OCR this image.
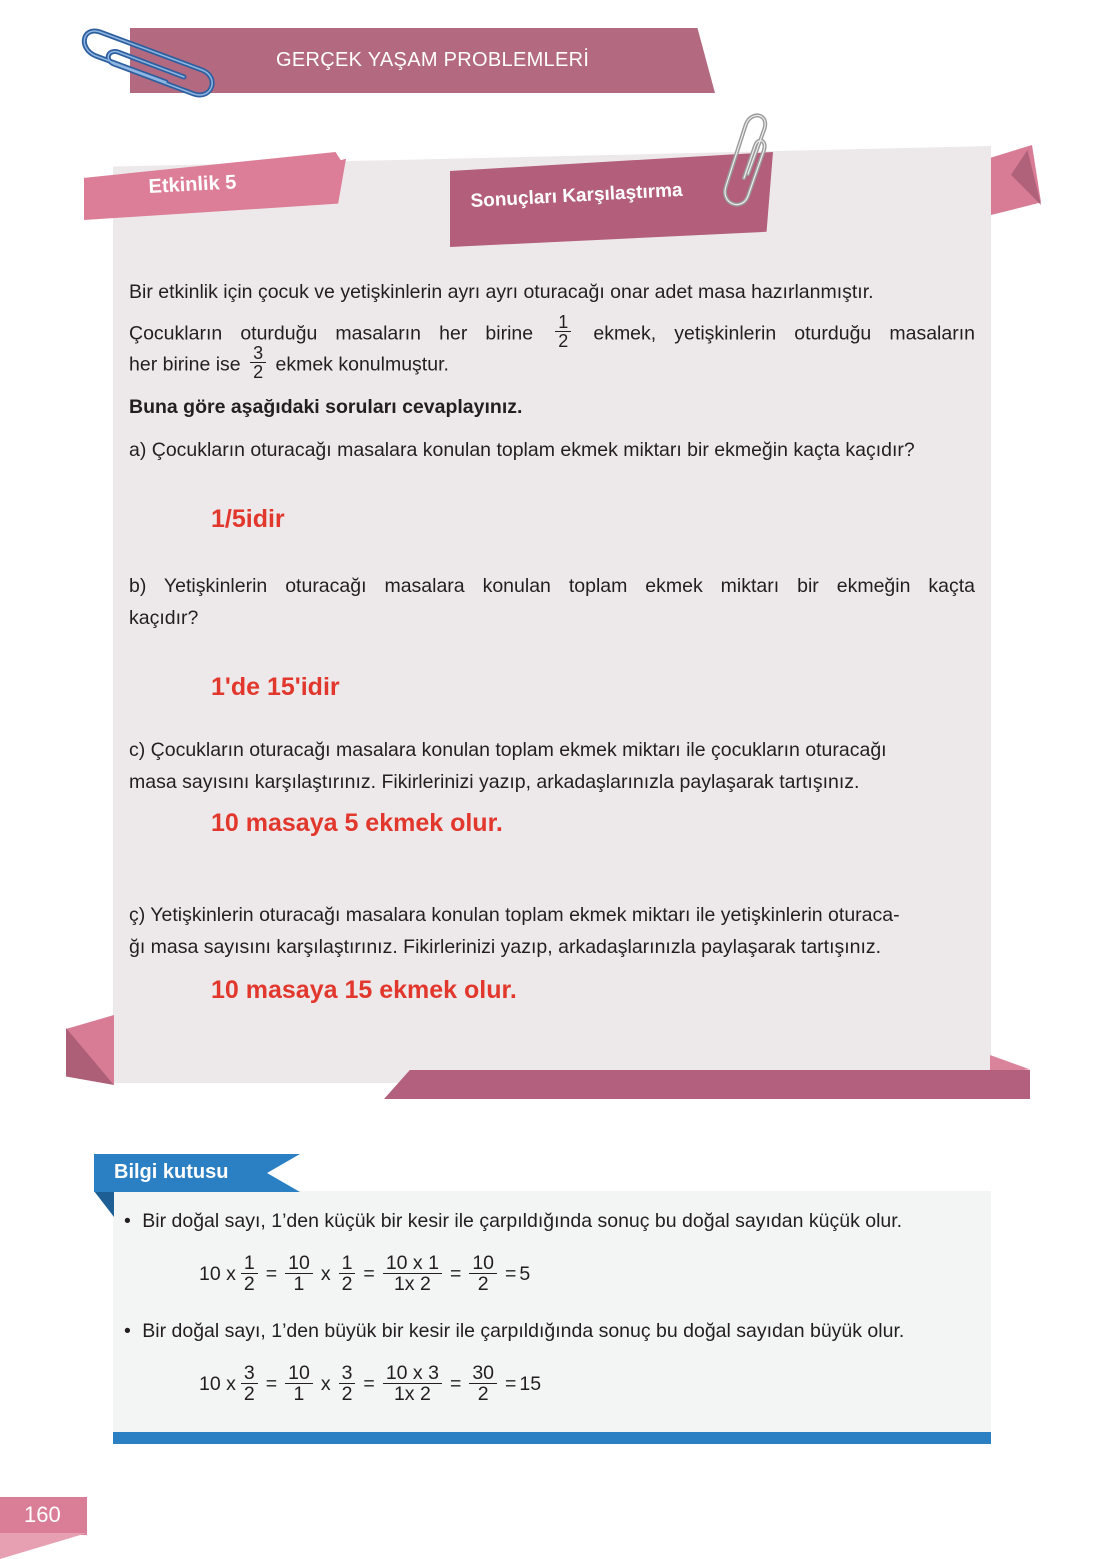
GERÇEK YAŞAM PROBLEMLERİ
Etkinlik 5	Sonuçları Karşılaştırma
Bir etkinlik için çocuk ve yetişkinlerin ayrı ayrı oturacağı onar adet masa hazırlanmıştır.
Çocukların oturduğu masaların her birine $\frac{1}{2}$ ekmek, yetişkinlerin oturduğu masaların
her birine ise $\frac{3}{2}$ ekmek konulmuştur.
Buna göre aşağıdaki soruları cevaplayınız.
a) Çocukların oturacağı masalara konulan toplam ekmek miktarı bir ekmeğin kaçta kaçıdır?
1/5idir
b) Yetişkinlerin oturacağı masalara konulan toplam ekmek miktarı bir ekmeğin kaçta
kaçıdır?
1'de 15'idir
c) Çocukların oturacağı masalara konulan toplam ekmek miktarı ile çocukların oturacağı
masa sayısını karşılaştırınız. Fikirlerinizi yazıp, arkadaşlarınızla paylaşarak tartışınız.
10 masaya 5 ekmek olur.
ç) Yetişkinlerin oturacağı masalara konulan toplam ekmek miktarı ile yetişkinlerin oturaca-
ğı masa sayısını karşılaştırınız. Fikirlerinizi yazıp, arkadaşlarınızla paylaşarak tartışınız.
10 masaya 15 ekmek olur.
Bilgi kutusu
• Bir doğal sayı, 1’den küçük bir kesir ile çarpıldığında sonuç bu doğal sayıdan küçük olur.
10 x $\frac{1}{2} = \frac{10}{1}$ x $\frac{1}{2} = \frac{10 x 1}{1x 2} = \frac{10}{2} = 5$
• Bir doğal sayı, 1’den büyük bir kesir ile çarpıldığında sonuç bu doğal sayıdan büyük olur.
10 x $\frac{3}{2} = \frac{10}{1}$ x $\frac{3}{2} = \frac{10 x 3}{1x 2} = \frac{30}{2} = 15$
160
